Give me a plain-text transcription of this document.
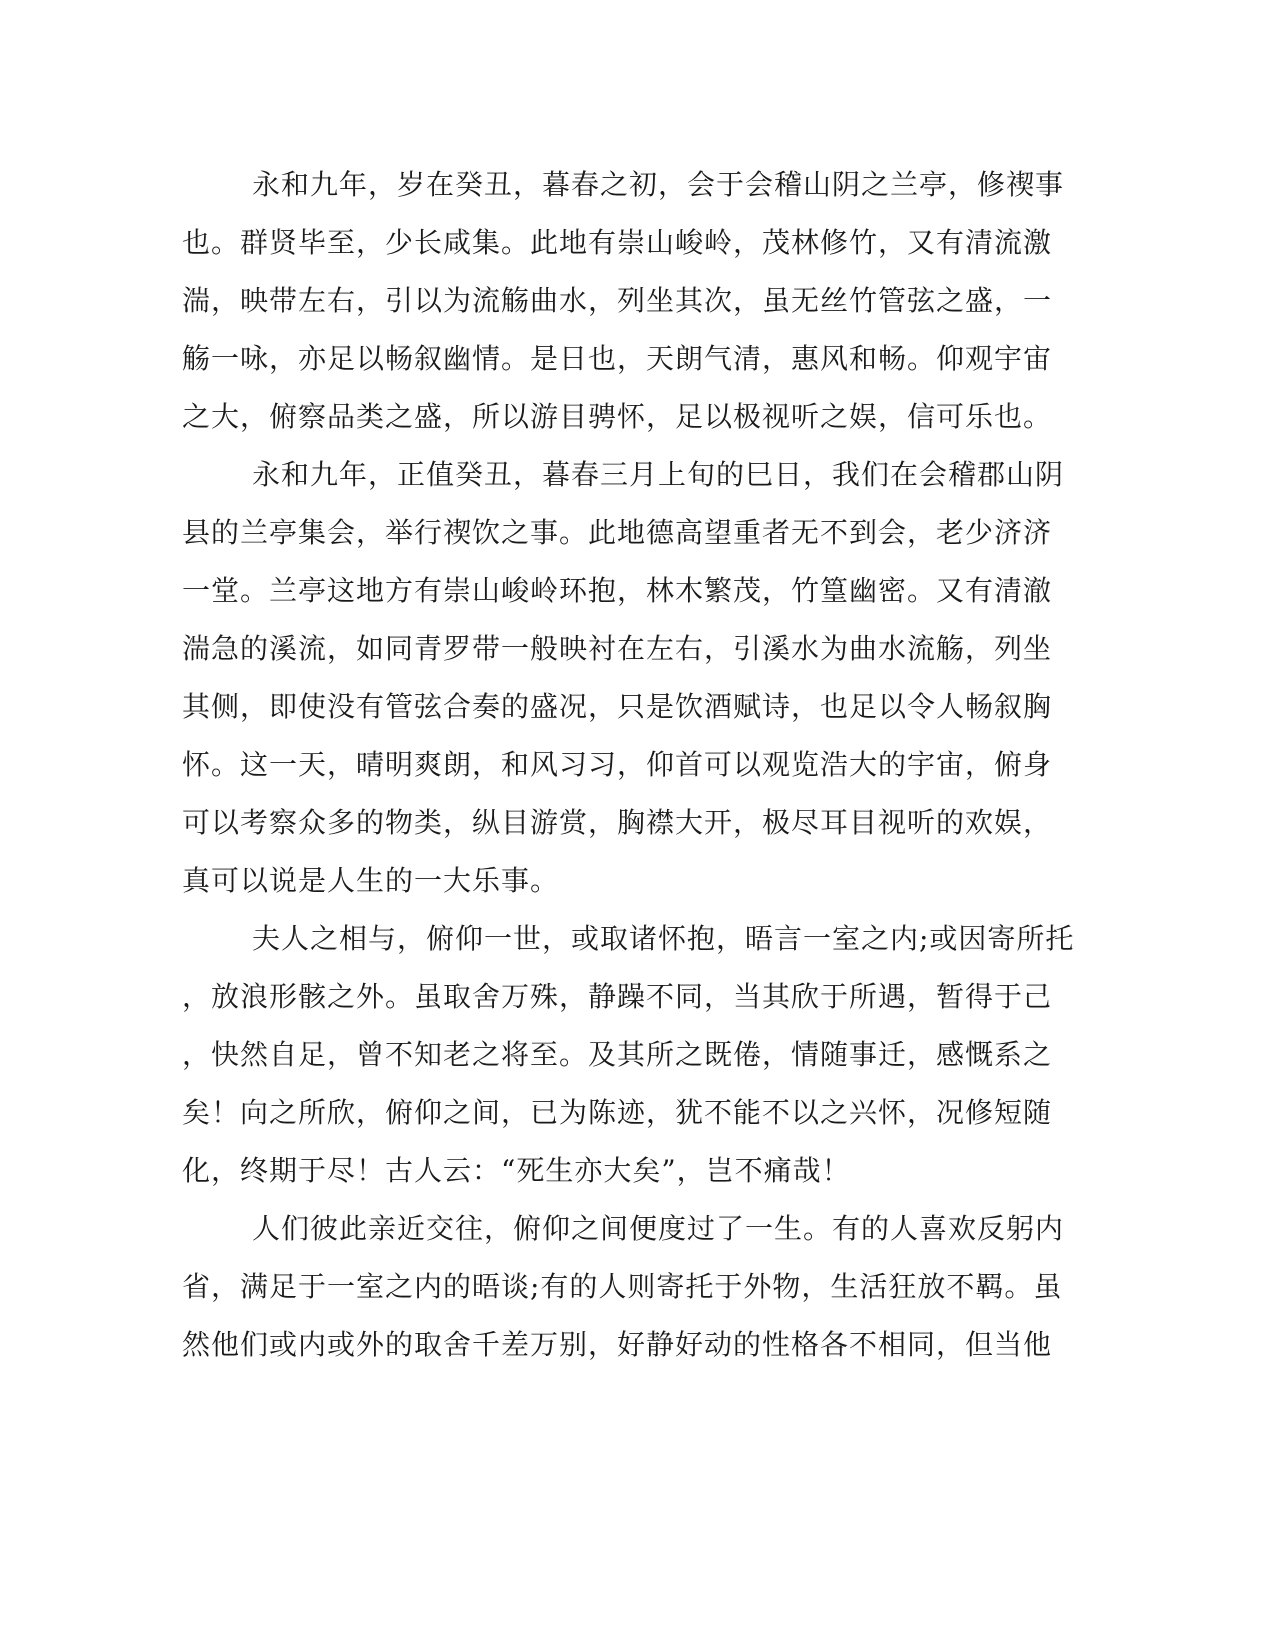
永和九年，岁在癸丑，暮春之初，会于会稽山阴之兰亭，修禊事
也。群贤毕至，少长咸集。此地有崇山峻岭，茂林修竹，又有清流激
湍，映带左右，引以为流觞曲水，列坐其次，虽无丝竹管弦之盛，一
觞一咏，亦足以畅叙幽情。是日也，天朗气清，惠风和畅。仰观宇宙
之大，俯察品类之盛，所以游目骋怀，足以极视听之娱，信可乐也。
永和九年，正值癸丑，暮春三月上旬的巳日，我们在会稽郡山阴
县的兰亭集会，举行禊饮之事。此地德高望重者无不到会，老少济济
一堂。兰亭这地方有崇山峻岭环抱，林木繁茂，竹篁幽密。又有清澈
湍急的溪流，如同青罗带一般映衬在左右，引溪水为曲水流觞，列坐
其侧，即使没有管弦合奏的盛况，只是饮酒赋诗，也足以令人畅叙胸
怀。这一天，晴明爽朗，和风习习，仰首可以观览浩大的宇宙，俯身
可以考察众多的物类，纵目游赏，胸襟大开，极尽耳目视听的欢娱，
真可以说是人生的一大乐事。
夫人之相与，俯仰一世，或取诸怀抱，晤言一室之内;或因寄所托
，放浪形骸之外。虽取舍万殊，静躁不同，当其欣于所遇，暂得于己
，快然自足，曾不知老之将至。及其所之既倦，情随事迁，感慨系之
矣！向之所欣，俯仰之间，已为陈迹，犹不能不以之兴怀，况修短随
化，终期于尽！古人云：“死生亦大矣”，岂不痛哉！
人们彼此亲近交往，俯仰之间便度过了一生。有的人喜欢反躬内
省，满足于一室之内的晤谈;有的人则寄托于外物，生活狂放不羁。虽
然他们或内或外的取舍千差万别，好静好动的性格各不相同，但当他
